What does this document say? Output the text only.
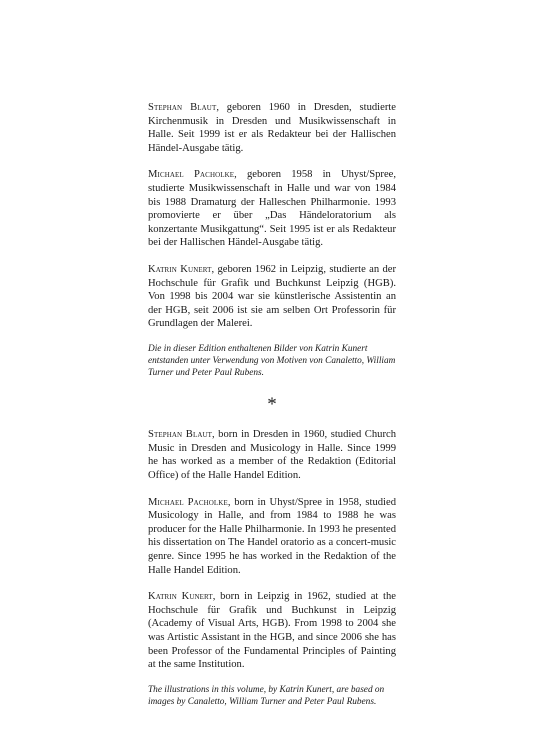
Stephan Blaut, geboren 1960 in Dresden, studierte Kirchenmusik in Dresden und Musikwissenschaft in Halle. Seit 1999 ist er als Redakteur bei der Hallischen Händel-Ausgabe tätig.

Michael Pacholke, geboren 1958 in Uhyst/Spree, studierte Musikwissenschaft in Halle und war von 1984 bis 1988 Dramaturg der Halleschen Philharmonie. 1993 promovierte er über „Das Händeloratorium als konzertante Musikgattung“. Seit 1995 ist er als Redakteur bei der Hallischen Händel-Ausgabe tätig.

Katrin Kunert, geboren 1962 in Leipzig, studierte an der Hochschule für Grafik und Buchkunst Leipzig (HGB). Von 1998 bis 2004 war sie künstlerische Assistentin an der HGB, seit 2006 ist sie am selben Ort Professorin für Grundlagen der Malerei.

Die in dieser Edition enthaltenen Bilder von Katrin Kunert entstanden unter Verwendung von Motiven von Canaletto, William Turner und Peter Paul Rubens.

*

Stephan Blaut, born in Dresden in 1960, studied Church Music in Dresden and Musicology in Halle. Since 1999 he has worked as a member of the Redaktion (Editorial Office) of the Halle Handel Edition.

Michael Pacholke, born in Uhyst/Spree in 1958, studied Musicology in Halle, and from 1984 to 1988 he was producer for the Halle Philharmonie. In 1993 he presented his dissertation on The Handel oratorio as a concert-music genre. Since 1995 he has worked in the Redaktion of the Halle Handel Edition.

Katrin Kunert, born in Leipzig in 1962, studied at the Hochschule für Grafik und Buchkunst in Leipzig (Academy of Visual Arts, HGB). From 1998 to 2004 she was Artistic Assistant in the HGB, and since 2006 she has been Professor of the Fundamental Principles of Painting at the same Institution.

The illustrations in this volume, by Katrin Kunert, are based on images by Canaletto, William Turner and Peter Paul Rubens.
